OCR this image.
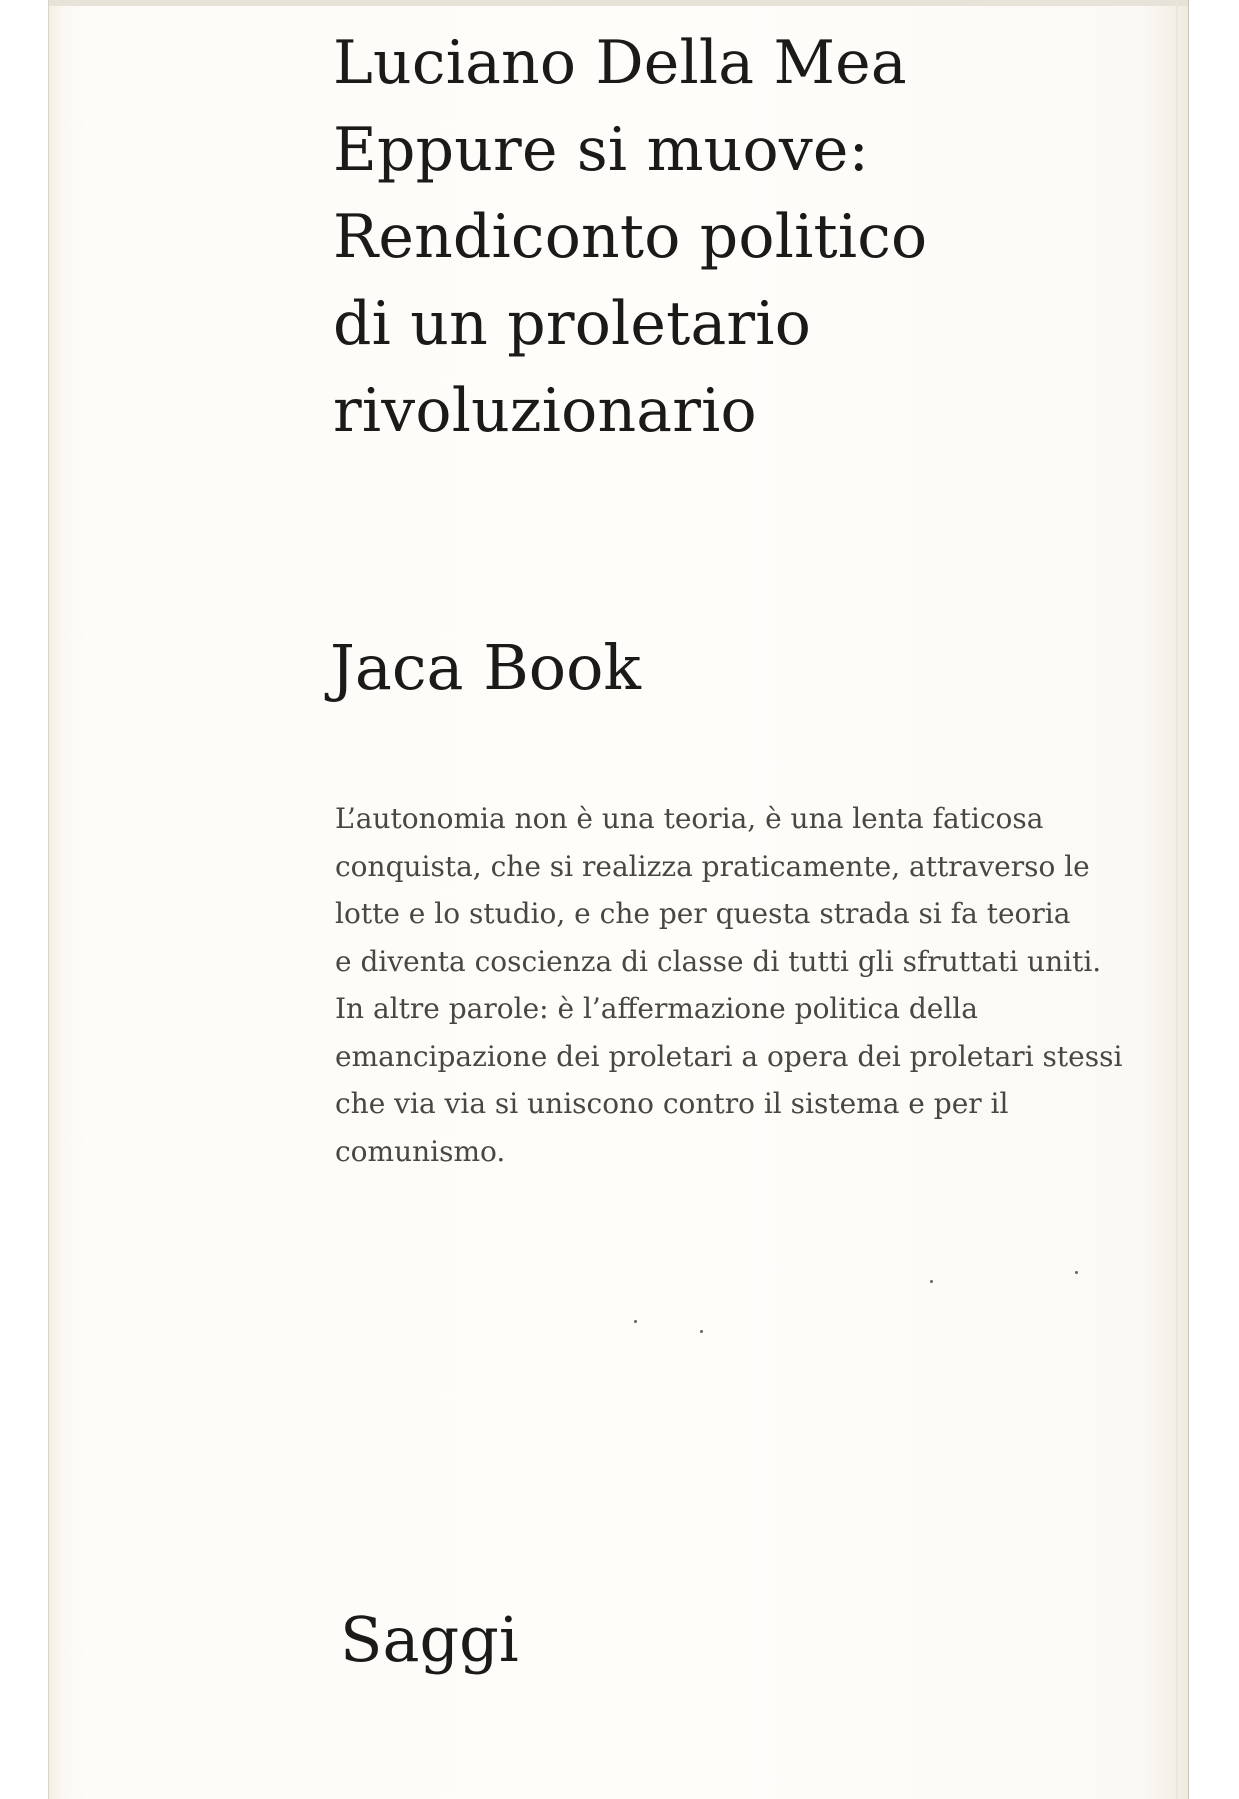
Luciano Della Mea
Eppure si muove:
Rendiconto politico
di un proletario
rivoluzionario
Jaca Book
L’autonomia non è una teoria, è una lenta faticosa
conquista, che si realizza praticamente, attraverso le
lotte e lo studio, e che per questa strada si fa teoria
e diventa coscienza di classe di tutti gli sfruttati uniti.
In altre parole: è l’affermazione politica della
emancipazione dei proletari a opera dei proletari stessi
che via via si uniscono contro il sistema e per il
comunismo.
Saggi
